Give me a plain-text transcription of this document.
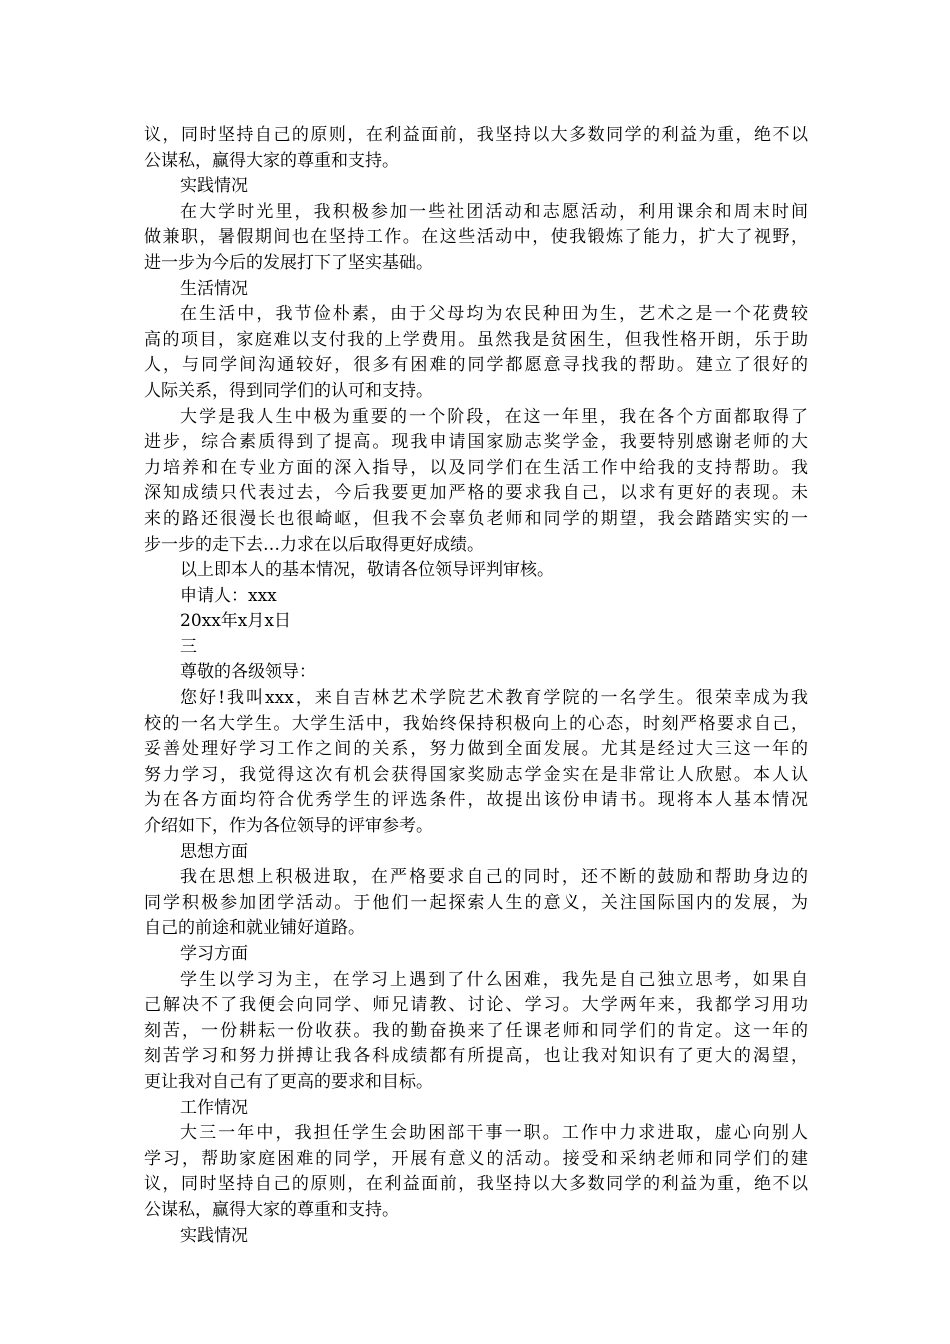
议，同时坚持自己的原则，在利益面前，我坚持以大多数同学的利益为重，绝不以
公谋私，赢得大家的尊重和支持。
实践情况
在大学时光里，我积极参加一些社团活动和志愿活动，利用课余和周末时间
做兼职，暑假期间也在坚持工作。在这些活动中，使我锻炼了能力，扩大了视野，
进一步为今后的发展打下了坚实基础。
生活情况
在生活中，我节俭朴素，由于父母均为农民种田为生，艺术之是一个花费较
高的项目，家庭难以支付我的上学费用。虽然我是贫困生，但我性格开朗，乐于助
人，与同学间沟通较好，很多有困难的同学都愿意寻找我的帮助。建立了很好的
人际关系，得到同学们的认可和支持。
大学是我人生中极为重要的一个阶段，在这一年里，我在各个方面都取得了
进步，综合素质得到了提高。现我申请国家励志奖学金，我要特别感谢老师的大
力培养和在专业方面的深入指导，以及同学们在生活工作中给我的支持帮助。我
深知成绩只代表过去，今后我要更加严格的要求我自己，以求有更好的表现。未
来的路还很漫长也很崎岖，但我不会辜负老师和同学的期望，我会踏踏实实的一
步一步的走下去…力求在以后取得更好成绩。
以上即本人的基本情况，敬请各位领导评判审核。
申请人：xxx
20xx年x月x日
三
尊敬的各级领导：
您好!我叫xxx，来自吉林艺术学院艺术教育学院的一名学生。很荣幸成为我
校的一名大学生。大学生活中，我始终保持积极向上的心态，时刻严格要求自己，
妥善处理好学习工作之间的关系，努力做到全面发展。尤其是经过大三这一年的
努力学习，我觉得这次有机会获得国家奖励志学金实在是非常让人欣慰。本人认
为在各方面均符合优秀学生的评选条件，故提出该份申请书。现将本人基本情况
介绍如下，作为各位领导的评审参考。
思想方面
我在思想上积极进取，在严格要求自己的同时，还不断的鼓励和帮助身边的
同学积极参加团学活动。于他们一起探索人生的意义，关注国际国内的发展，为
自己的前途和就业铺好道路。
学习方面
学生以学习为主，在学习上遇到了什么困难，我先是自己独立思考，如果自
己解决不了我便会向同学、师兄请教、讨论、学习。大学两年来，我都学习用功
刻苦，一份耕耘一份收获。我的勤奋换来了任课老师和同学们的肯定。这一年的
刻苦学习和努力拼搏让我各科成绩都有所提高，也让我对知识有了更大的渴望，
更让我对自己有了更高的要求和目标。
工作情况
大三一年中，我担任学生会助困部干事一职。工作中力求进取，虚心向别人
学习，帮助家庭困难的同学，开展有意义的活动。接受和采纳老师和同学们的建
议，同时坚持自己的原则，在利益面前，我坚持以大多数同学的利益为重，绝不以
公谋私，赢得大家的尊重和支持。
实践情况
